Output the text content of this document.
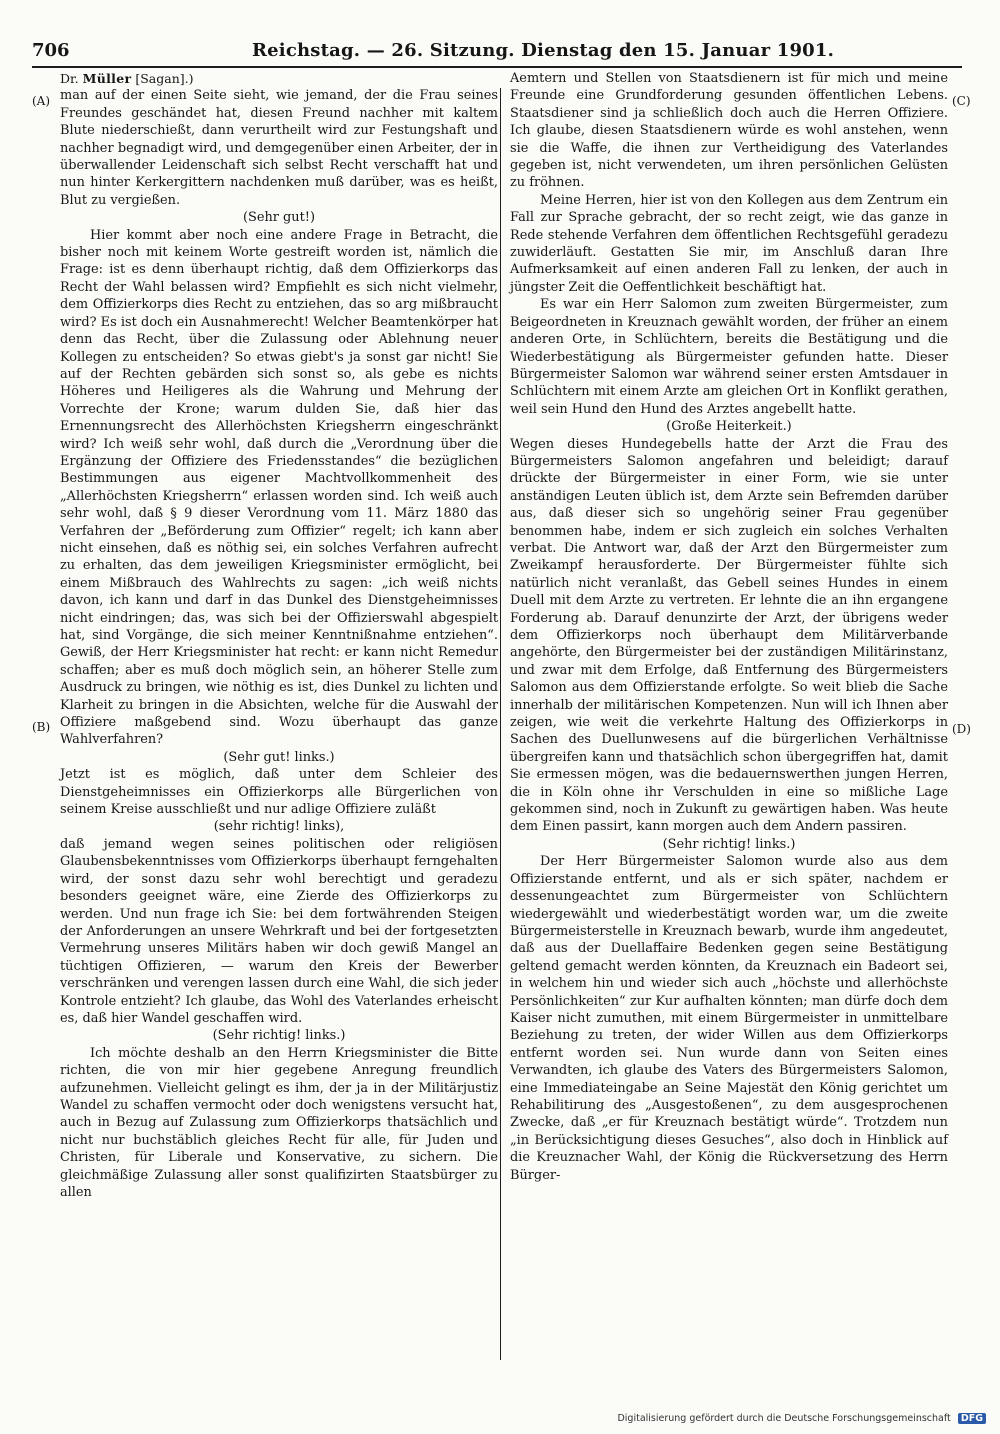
706	Reichstag. — 26. Sitzung. Dienstag den 15. Januar 1901.
(A)
(B)
(C)
(D)

Dr. Müller [Sagan].)

man auf der einen Seite sieht, wie jemand, der die Frau seines Freundes geschändet hat, diesen Freund nachher mit kaltem Blute niederschießt, dann verurtheilt wird zur Festungshaft und nachher begnadigt wird, und demgegenüber einen Arbeiter, der in überwallender Leidenschaft sich selbst Recht verschafft hat und nun hinter Kerkergittern nachdenken muß darüber, was es heißt, Blut zu vergießen.

(Sehr gut!)

Hier kommt aber noch eine andere Frage in Betracht, die bisher noch mit keinem Worte gestreift worden ist, nämlich die Frage: ist es denn überhaupt richtig, daß dem Offizierkorps das Recht der Wahl belassen wird? Empfiehlt es sich nicht vielmehr, dem Offizierkorps dies Recht zu entziehen, das so arg mißbraucht wird? Es ist doch ein Ausnahmerecht! Welcher Beamtenkörper hat denn das Recht, über die Zulassung oder Ablehnung neuer Kollegen zu entscheiden? So etwas giebt's ja sonst gar nicht! Sie auf der Rechten gebärden sich sonst so, als gebe es nichts Höheres und Heiligeres als die Wahrung und Mehrung der Vorrechte der Krone; warum dulden Sie, daß hier das Ernennungsrecht des Allerhöchsten Kriegsherrn eingeschränkt wird? Ich weiß sehr wohl, daß durch die „Verordnung über die Ergänzung der Offiziere des Friedensstandes“ die bezüglichen Bestimmungen aus eigener Machtvollkommenheit des „Allerhöchsten Kriegsherrn“ erlassen worden sind. Ich weiß auch sehr wohl, daß § 9 dieser Verordnung vom 11. März 1880 das Verfahren der „Beförderung zum Offizier“ regelt; ich kann aber nicht einsehen, daß es nöthig sei, ein solches Verfahren aufrecht zu erhalten, das dem jeweiligen Kriegsminister ermöglicht, bei einem Mißbrauch des Wahlrechts zu sagen: „ich weiß nichts davon, ich kann und darf in das Dunkel des Dienstgeheimnisses nicht eindringen; das, was sich bei der Offizierswahl abgespielt hat, sind Vorgänge, die sich meiner Kenntnißnahme entziehen“. Gewiß, der Herr Kriegsminister hat recht: er kann nicht Remedur schaffen; aber es muß doch möglich sein, an höherer Stelle zum Ausdruck zu bringen, wie nöthig es ist, dies Dunkel zu lichten und Klarheit zu bringen in die Absichten, welche für die Auswahl der Offiziere maßgebend sind. Wozu überhaupt das ganze Wahlverfahren?

(Sehr gut! links.)

Jetzt ist es möglich, daß unter dem Schleier des Dienstgeheimnisses ein Offizierkorps alle Bürgerlichen von seinem Kreise ausschließt und nur adlige Offiziere zuläßt

(sehr richtig! links),

daß jemand wegen seines politischen oder religiösen Glaubensbekenntnisses vom Offizierkorps überhaupt ferngehalten wird, der sonst dazu sehr wohl berechtigt und geradezu besonders geeignet wäre, eine Zierde des Offizierkorps zu werden. Und nun frage ich Sie: bei dem fortwährenden Steigen der Anforderungen an unsere Wehrkraft und bei der fortgesetzten Vermehrung unseres Militärs haben wir doch gewiß Mangel an tüchtigen Offizieren, — warum den Kreis der Bewerber verschränken und verengen lassen durch eine Wahl, die sich jeder Kontrole entzieht? Ich glaube, das Wohl des Vaterlandes erheischt es, daß hier Wandel geschaffen wird.

(Sehr richtig! links.)

Ich möchte deshalb an den Herrn Kriegsminister die Bitte richten, die von mir hier gegebene Anregung freundlich aufzunehmen. Vielleicht gelingt es ihm, der ja in der Militärjustiz Wandel zu schaffen vermocht oder doch wenigstens versucht hat, auch in Bezug auf Zulassung zum Offizierkorps thatsächlich und nicht nur buchstäblich gleiches Recht für alle, für Juden und Christen, für Liberale und Konservative, zu sichern. Die gleichmäßige Zulassung aller sonst qualifizirten Staatsbürger zu allen

Aemtern und Stellen von Staatsdienern ist für mich und meine Freunde eine Grundforderung gesunden öffentlichen Lebens. Staatsdiener sind ja schließlich doch auch die Herren Offiziere. Ich glaube, diesen Staatsdienern würde es wohl anstehen, wenn sie die Waffe, die ihnen zur Vertheidigung des Vaterlandes gegeben ist, nicht verwendeten, um ihren persönlichen Gelüsten zu fröhnen.

Meine Herren, hier ist von den Kollegen aus dem Zentrum ein Fall zur Sprache gebracht, der so recht zeigt, wie das ganze in Rede stehende Verfahren dem öffentlichen Rechtsgefühl geradezu zuwiderläuft. Gestatten Sie mir, im Anschluß daran Ihre Aufmerksamkeit auf einen anderen Fall zu lenken, der auch in jüngster Zeit die Oeffentlichkeit beschäftigt hat.

Es war ein Herr Salomon zum zweiten Bürgermeister, zum Beigeordneten in Kreuznach gewählt worden, der früher an einem anderen Orte, in Schlüchtern, bereits die Bestätigung und die Wiederbestätigung als Bürgermeister gefunden hatte. Dieser Bürgermeister Salomon war während seiner ersten Amtsdauer in Schlüchtern mit einem Arzte am gleichen Ort in Konflikt gerathen, weil sein Hund den Hund des Arztes angebellt hatte.

(Große Heiterkeit.)

Wegen dieses Hundegebells hatte der Arzt die Frau des Bürgermeisters Salomon angefahren und beleidigt; darauf drückte der Bürgermeister in einer Form, wie sie unter anständigen Leuten üblich ist, dem Arzte sein Befremden darüber aus, daß dieser sich so ungehörig seiner Frau gegenüber benommen habe, indem er sich zugleich ein solches Verhalten verbat. Die Antwort war, daß der Arzt den Bürgermeister zum Zweikampf herausforderte. Der Bürgermeister fühlte sich natürlich nicht veranlaßt, das Gebell seines Hundes in einem Duell mit dem Arzte zu vertreten. Er lehnte die an ihn ergangene Forderung ab. Darauf denunzirte der Arzt, der übrigens weder dem Offizierkorps noch überhaupt dem Militärverbande angehörte, den Bürgermeister bei der zuständigen Militärinstanz, und zwar mit dem Erfolge, daß Entfernung des Bürgermeisters Salomon aus dem Offizierstande erfolgte. So weit blieb die Sache innerhalb der militärischen Kompetenzen. Nun will ich Ihnen aber zeigen, wie weit die verkehrte Haltung des Offizierkorps in Sachen des Duellunwesens auf die bürgerlichen Verhältnisse übergreifen kann und thatsächlich schon übergegriffen hat, damit Sie ermessen mögen, was die bedauernswerthen jungen Herren, die in Köln ohne ihr Verschulden in eine so mißliche Lage gekommen sind, noch in Zukunft zu gewärtigen haben. Was heute dem Einen passirt, kann morgen auch dem Andern passiren.

(Sehr richtig! links.)

Der Herr Bürgermeister Salomon wurde also aus dem Offizierstande entfernt, und als er sich später, nachdem er dessenungeachtet zum Bürgermeister von Schlüchtern wiedergewählt und wiederbestätigt worden war, um die zweite Bürgermeisterstelle in Kreuznach bewarb, wurde ihm angedeutet, daß aus der Duellaffaire Bedenken gegen seine Bestätigung geltend gemacht werden könnten, da Kreuznach ein Badeort sei, in welchem hin und wieder sich auch „höchste und allerhöchste Persönlichkeiten“ zur Kur aufhalten könnten; man dürfe doch dem Kaiser nicht zumuthen, mit einem Bürgermeister in unmittelbare Beziehung zu treten, der wider Willen aus dem Offizierkorps entfernt worden sei. Nun wurde dann von Seiten eines Verwandten, ich glaube des Vaters des Bürgermeisters Salomon, eine Immediateingabe an Seine Majestät den König gerichtet um Rehabilitirung des „Ausgestoßenen“, zu dem ausgesprochenen Zwecke, daß „er für Kreuznach bestätigt würde“. Trotzdem nun „in Berücksichtigung dieses Gesuches“, also doch in Hinblick auf die Kreuznacher Wahl, der König die Rückversetzung des Herrn Bürger-

Digitalisierung gefördert durch die Deutsche Forschungsgemeinschaft DFG
